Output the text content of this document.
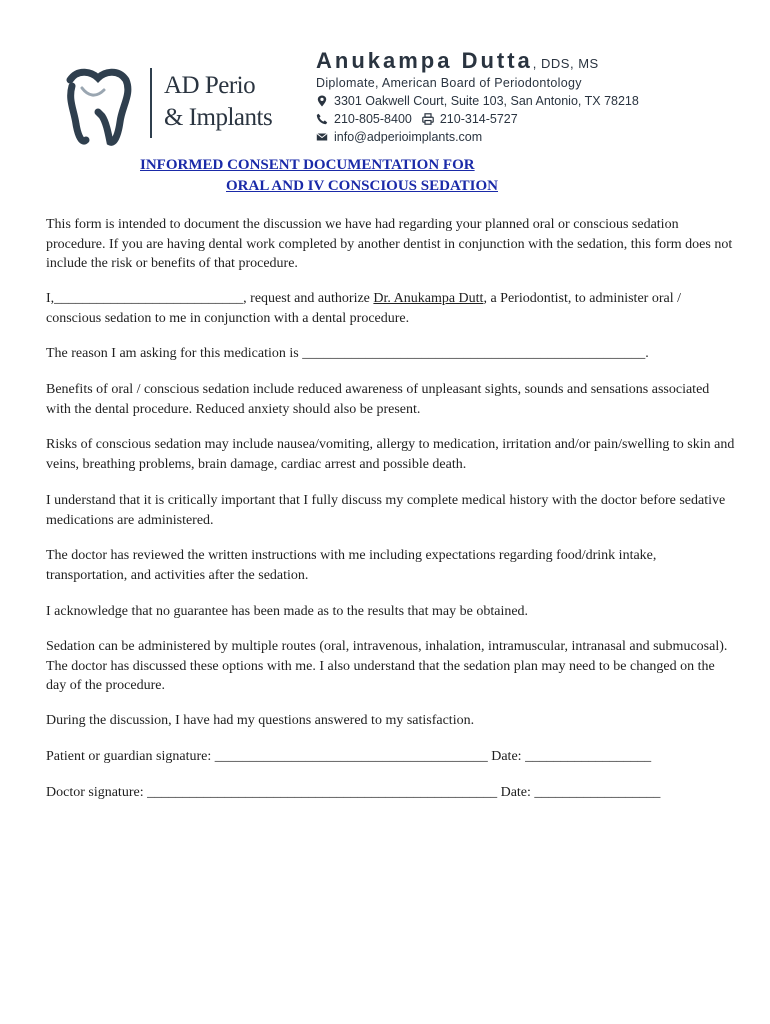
AD Perio
& Implants
Anukampa Dutta, DDS, MS
Diplomate, American Board of Periodontology
3301 Oakwell Court, Suite 103, San Antonio, TX 78218
210-805-8400 210-314-5727
info@adperioimplants.com
INFORMED CONSENT DOCUMENTATION FOR
ORAL AND IV CONSCIOUS SEDATION
This form is intended to document the discussion we have had regarding your planned oral or conscious sedation procedure. If you are having dental work completed by another dentist in conjunction with the sedation, this form does not include the risk or benefits of that procedure.
I,___________________________, request and authorize Dr. Anukampa Dutt, a Periodontist, to administer oral / conscious sedation to me in conjunction with a dental procedure.
The reason I am asking for this medication is _________________________________________________.
Benefits of oral / conscious sedation include reduced awareness of unpleasant sights, sounds and sensations associated with the dental procedure. Reduced anxiety should also be present.
Risks of conscious sedation may include nausea/vomiting, allergy to medication, irritation and/or pain/swelling to skin and veins, breathing problems, brain damage, cardiac arrest and possible death.
I understand that it is critically important that I fully discuss my complete medical history with the doctor before sedative medications are administered.
The doctor has reviewed the written instructions with me including expectations regarding food/drink intake, transportation, and activities after the sedation.
I acknowledge that no guarantee has been made as to the results that may be obtained.
Sedation can be administered by multiple routes (oral, intravenous, inhalation, intramuscular, intranasal and submucosal). The doctor has discussed these options with me. I also understand that the sedation plan may need to be changed on the day of the procedure.
During the discussion, I have had my questions answered to my satisfaction.
Patient or guardian signature: _______________________________________ Date: __________________
Doctor signature: __________________________________________________ Date: __________________
